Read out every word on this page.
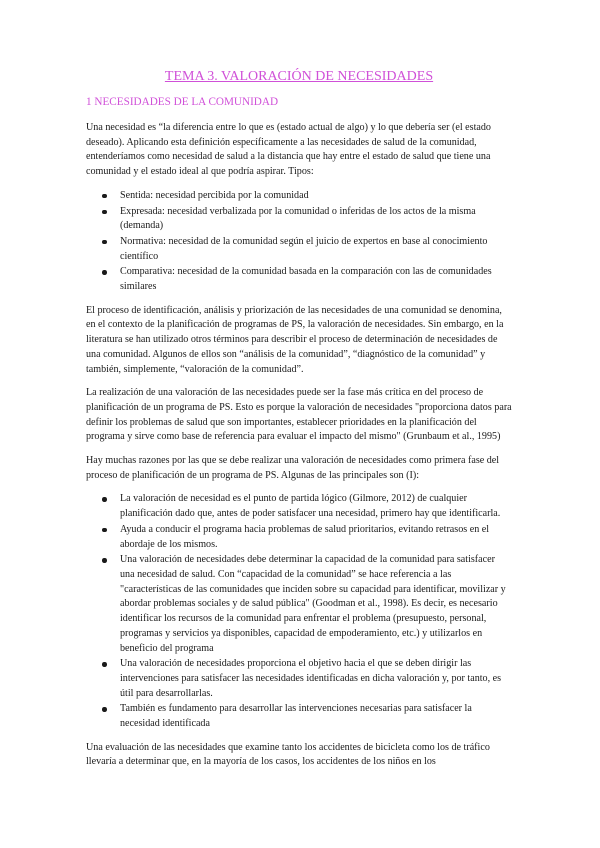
TEMA 3. VALORACIÓN DE NECESIDADES
1 NECESIDADES DE LA COMUNIDAD

Una necesidad es “la diferencia entre lo que es (estado actual de algo) y lo que debería ser (el estado deseado). Aplicando esta definición específicamente a las necesidades de salud de la comunidad, entenderíamos como necesidad de salud a la distancia que hay entre el estado de salud que tiene una comunidad y el estado ideal al que podría aspirar. Tipos:

Sentida: necesidad percibida por la comunidad
Expresada: necesidad verbalizada por la comunidad o inferidas de los actos de la misma (demanda)
Normativa: necesidad de la comunidad según el juicio de expertos en base al conocimiento científico
Comparativa: necesidad de la comunidad basada en la comparación con las de comunidades similares

El proceso de identificación, análisis y priorización de las necesidades de una comunidad se denomina, en el contexto de la planificación de programas de PS, la valoración de necesidades. Sin embargo, en la literatura se han utilizado otros términos para describir el proceso de determinación de necesidades de una comunidad. Algunos de ellos son “análisis de la comunidad”, “diagnóstico de la comunidad” y también, simplemente, “valoración de la comunidad”.

La realización de una valoración de las necesidades puede ser la fase más crítica en del proceso de planificación de un programa de PS. Esto es porque la valoración de necesidades "proporciona datos para definir los problemas de salud que son importantes, establecer prioridades en la planificación del programa y sirve como base de referencia para evaluar el impacto del mismo" (Grunbaum et al., 1995)

Hay muchas razones por las que se debe realizar una valoración de necesidades como primera fase del proceso de planificación de un programa de PS. Algunas de las principales son (I):

La valoración de necesidad es el punto de partida lógico (Gilmore, 2012) de cualquier planificación dado que, antes de poder satisfacer una necesidad, primero hay que identificarla.
Ayuda a conducir el programa hacia problemas de salud prioritarios, evitando retrasos en el abordaje de los mismos.
Una valoración de necesidades debe determinar la capacidad de la comunidad para satisfacer una necesidad de salud. Con “capacidad de la comunidad” se hace referencia a las "características de las comunidades que inciden sobre su capacidad para identificar, movilizar y abordar problemas sociales y de salud pública" (Goodman et al., 1998). Es decir, es necesario identificar los recursos de la comunidad para enfrentar el problema (presupuesto, personal, programas y servicios ya disponibles, capacidad de empoderamiento, etc.) y utilizarlos en beneficio del programa
Una valoración de necesidades proporciona el objetivo hacia el que se deben dirigir las intervenciones para satisfacer las necesidades identificadas en dicha valoración y, por tanto, es útil para desarrollarlas.
También es fundamento para desarrollar las intervenciones necesarias para satisfacer la necesidad identificada

Una evaluación de las necesidades que examine tanto los accidentes de bicicleta como los de tráfico llevaría a determinar que, en la mayoría de los casos, los accidentes de los niños en los
